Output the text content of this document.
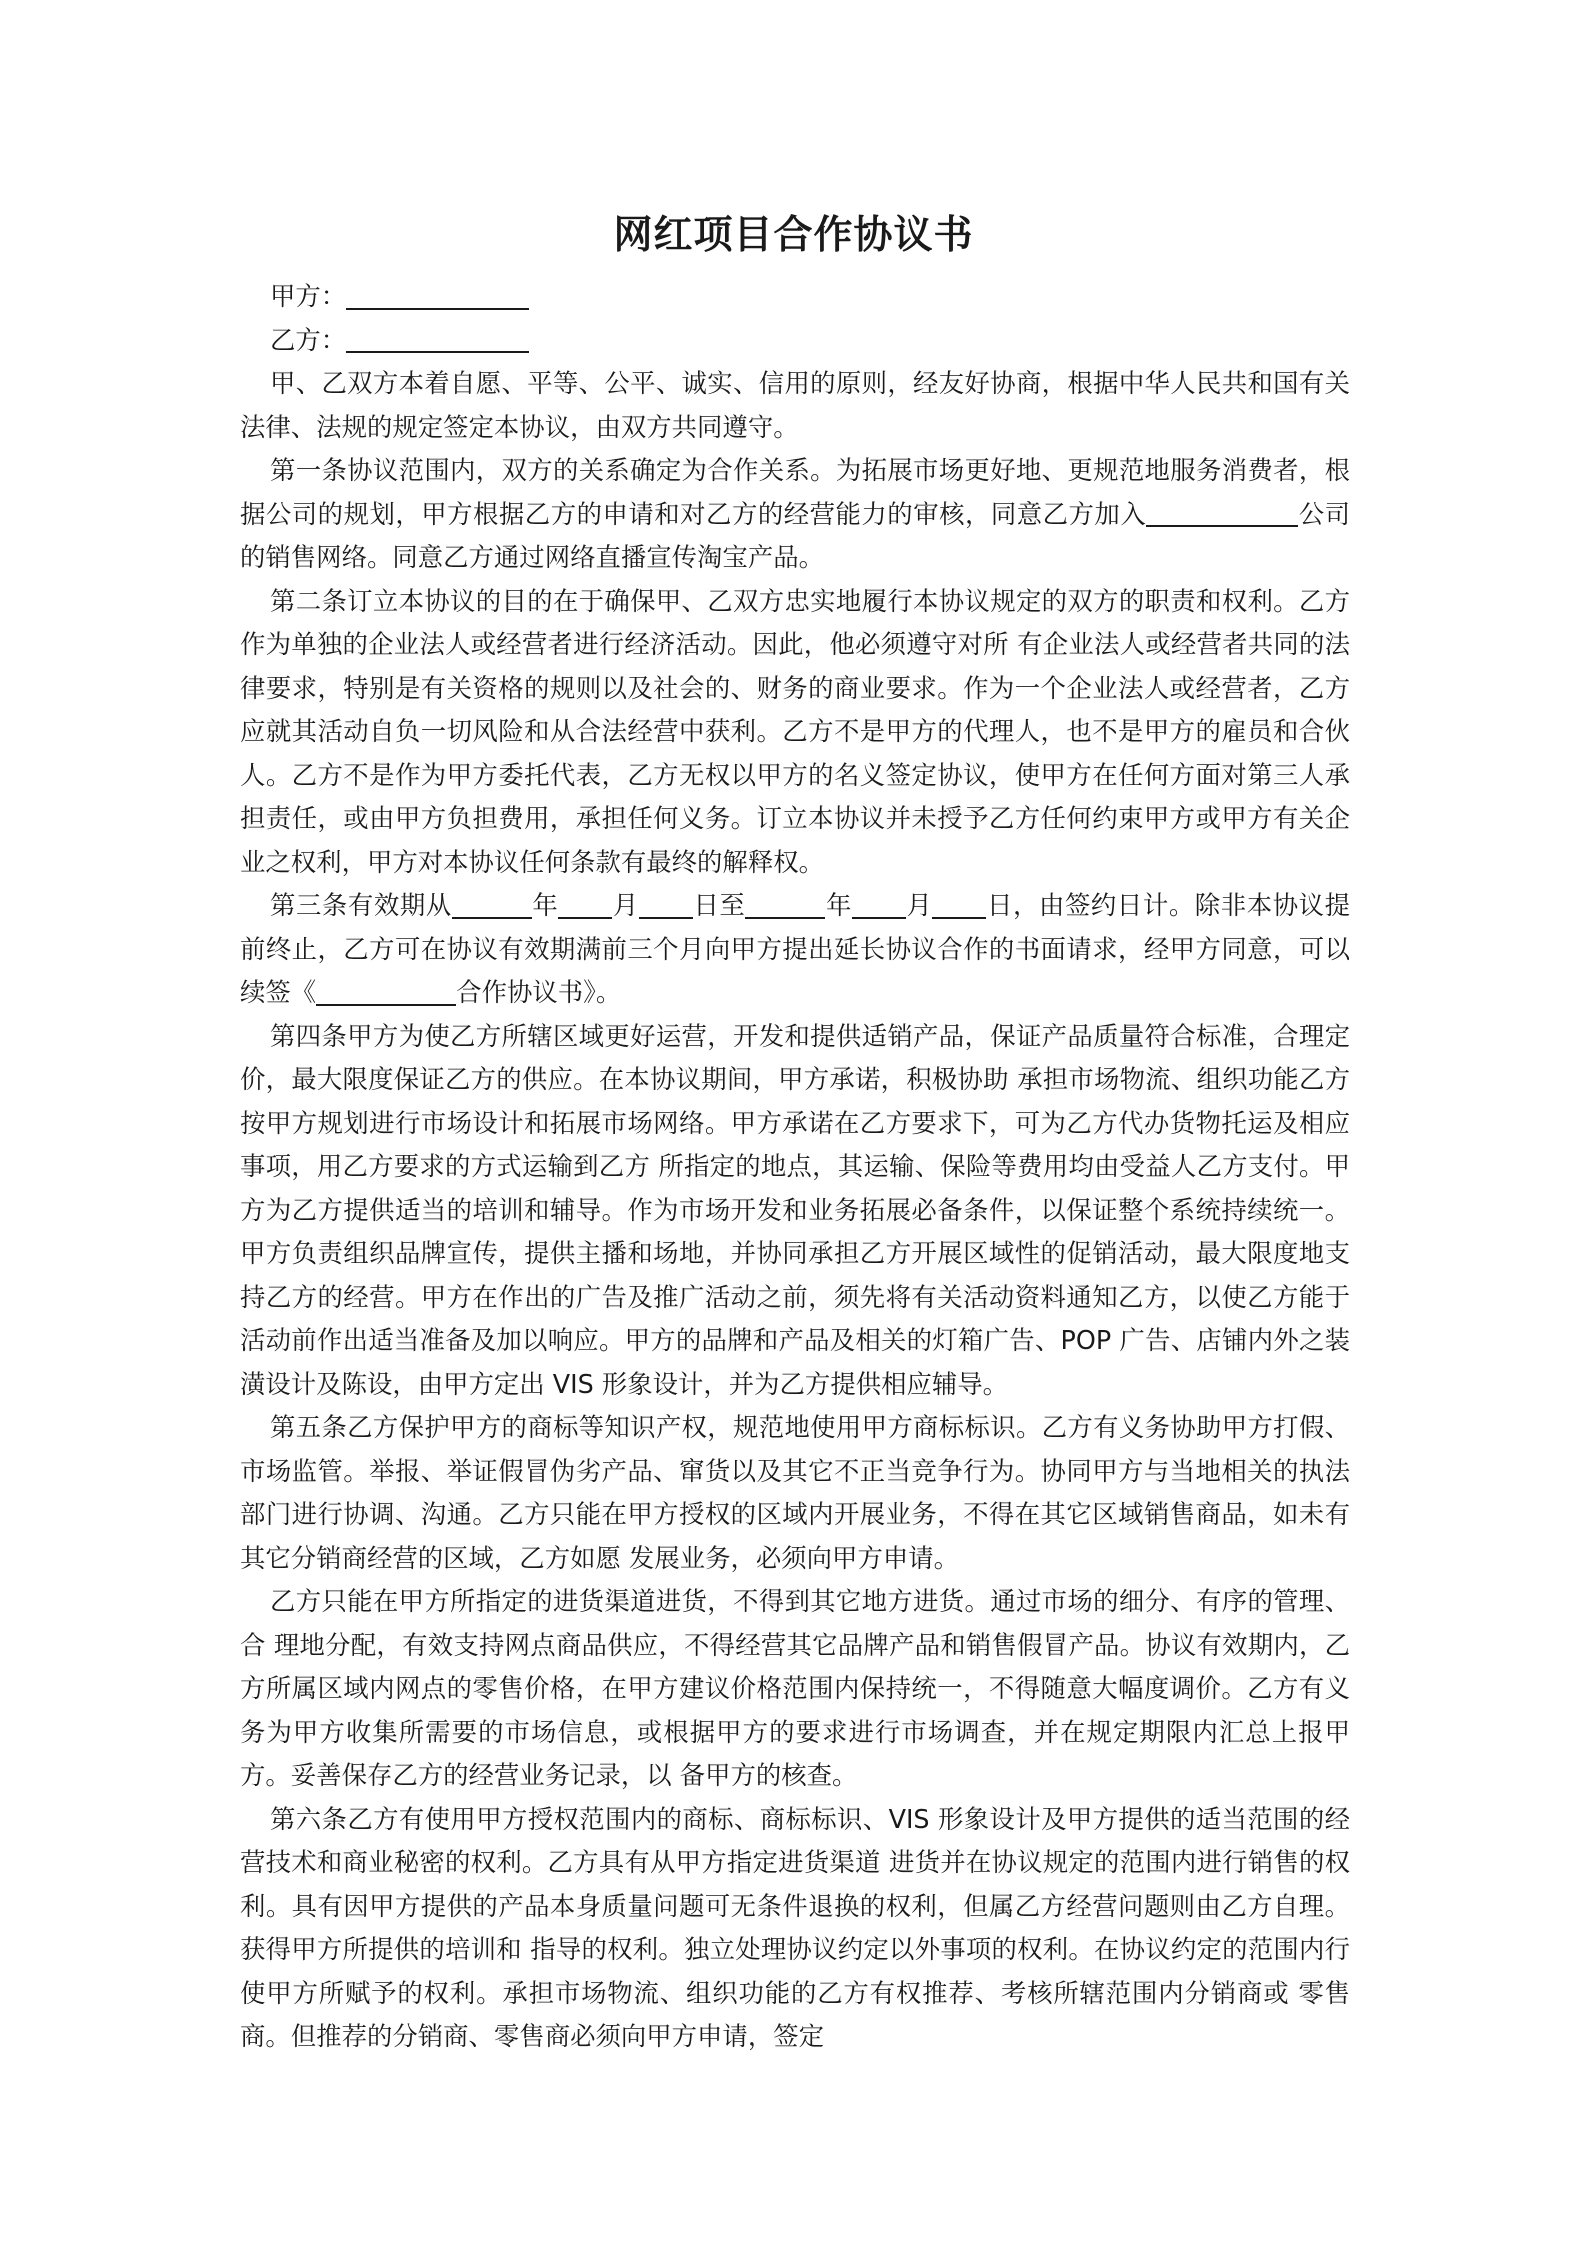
网红项目合作协议书

甲方：

乙方：

甲、乙双方本着自愿、平等、公平、诚实、信用的原则，经友好协商，根据中华人民共和国有关法律、法规的规定签定本协议，由双方共同遵守。

第一条协议范围内，双方的关系确定为合作关系。为拓展市场更好地、更规范地服务消费者，根据公司的规划，甲方根据乙方的申请和对乙方的经营能力的审核，同意乙方加入	公司的销售网络。同意乙方通过网络直播宣传淘宝产品。

第二条订立本协议的目的在于确保甲、乙双方忠实地履行本协议规定的双方的职责和权利。乙方作为单独的企业法人或经营者进行经济活动。因此，他必须遵守对所 有企业法人或经营者共同的法律要求，特别是有关资格的规则以及社会的、财务的商业要求。作为一个企业法人或经营者，乙方应就其活动自负一切风险和从合法经营中获利。乙方不是甲方的代理人，也不是甲方的雇员和合伙人。乙方不是作为甲方委托代表，乙方无权以甲方的名义签定协议，使甲方在任何方面对第三人承担责任，或由甲方负担费用，承担任何义务。订立本协议并未授予乙方任何约束甲方或甲方有关企业之权利，甲方对本协议任何条款有最终的解释权。

第三条有效期从	年 月 日至	年 月 日，由签约日计。除非本协议提前终止，乙方可在协议有效期满前三个月向甲方提出延长协议合作的书面请求，经甲方同意，可以续签《	合作协议书》。

第四条甲方为使乙方所辖区域更好运营，开发和提供适销产品，保证产品质量符合标准，合理定价，最大限度保证乙方的供应。在本协议期间，甲方承诺，积极协助 承担市场物流、组织功能乙方按甲方规划进行市场设计和拓展市场网络。甲方承诺在乙方要求下，可为乙方代办货物托运及相应事项，用乙方要求的方式运输到乙方 所指定的地点，其运输、保险等费用均由受益人乙方支付。甲方为乙方提供适当的培训和辅导。作为市场开发和业务拓展必备条件，以保证整个系统持续统一。甲方负责组织品牌宣传，提供主播和场地，并协同承担乙方开展区域性的促销活动，最大限度地支持乙方的经营。甲方在作出的广告及推广活动之前，须先将有关活动资料通知乙方，以使乙方能于活动前作出适当准备及加以响应。甲方的品牌和产品及相关的灯箱广告、POP 广告、店铺内外之装潢设计及陈设，由甲方定出 VIS 形象设计，并为乙方提供相应辅导。

第五条乙方保护甲方的商标等知识产权，规范地使用甲方商标标识。乙方有义务协助甲方打假、市场监管。举报、举证假冒伪劣产品、窜货以及其它不正当竞争行为。协同甲方与当地相关的执法部门进行协调、沟通。乙方只能在甲方授权的区域内开展业务，不得在其它区域销售商品，如未有其它分销商经营的区域，乙方如愿 发展业务，必须向甲方申请。

乙方只能在甲方所指定的进货渠道进货，不得到其它地方进货。通过市场的细分、有序的管理、合 理地分配，有效支持网点商品供应，不得经营其它品牌产品和销售假冒产品。协议有效期内，乙方所属区域内网点的零售价格，在甲方建议价格范围内保持统一，不得随意大幅度调价。乙方有义务为甲方收集所需要的市场信息，或根据甲方的要求进行市场调查，并在规定期限内汇总上报甲方。妥善保存乙方的经营业务记录，以 备甲方的核查。

第六条乙方有使用甲方授权范围内的商标、商标标识、VIS 形象设计及甲方提供的适当范围的经营技术和商业秘密的权利。乙方具有从甲方指定进货渠道 进货并在协议规定的范围内进行销售的权利。具有因甲方提供的产品本身质量问题可无条件退换的权利，但属乙方经营问题则由乙方自理。获得甲方所提供的培训和 指导的权利。独立处理协议约定以外事项的权利。在协议约定的范围内行使甲方所赋予的权利。承担市场物流、组织功能的乙方有权推荐、考核所辖范围内分销商或 零售商。但推荐的分销商、零售商必须向甲方申请，签定
